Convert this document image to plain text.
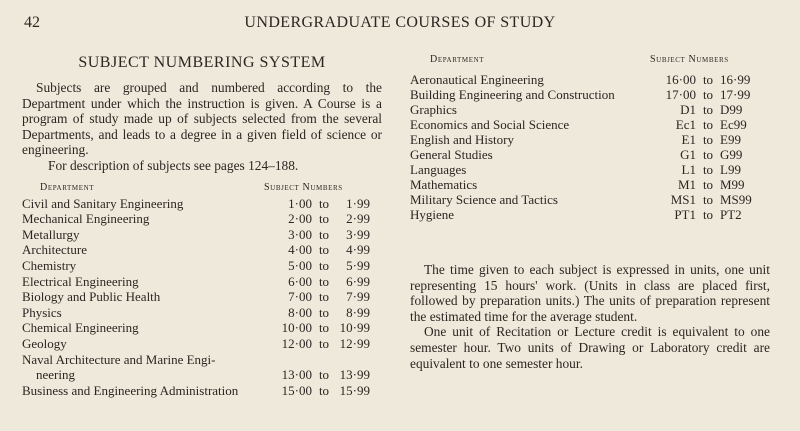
42	UNDERGRADUATE COURSES OF STUDY
SUBJECT NUMBERING SYSTEM

Subjects are grouped and numbered according to the Department under which the instruction is given. A Course is a program of study made up of subjects selected from the several Departments, and leads to a degree in a given field of science or engineering.

For description of subjects see pages 124–188.

Department	Subject Numbers
Civil and Sanitary Engineering	1·00 to	1·99
Mechanical Engineering	2·00 to	2·99
Metallurgy	3·00 to	3·99
Architecture	4·00 to	4·99
Chemistry	5·00 to	5·99
Electrical Engineering	6·00 to	6·99
Biology and Public Health	7·00 to	7·99
Physics	8·00 to	8·99
Chemical Engineering	10·00 to 10·99
Geology	12·00 to 12·99
Naval Architecture and Marine Engi-
neering	13·00 to 13·99
Business and Engineering Administration	15·00 to 15·99
Department	Subject Numbers
Aeronautical Engineering	16·00 to 16·99
Building Engineering and Construction	17·00 to 17·99
Graphics	D1 to D99
Economics and Social Science	Ec1 to Ec99
English and History	E1 to E99
General Studies	G1 to G99
Languages	L1 to L99
Mathematics	M1 to M99
Military Science and Tactics	MS1 to MS99
Hygiene	PT1 to PT2

The time given to each subject is expressed in units, one unit representing 15 hours' work. (Units in class are placed first, followed by preparation units.) The units of preparation represent the estimated time for the average student.

One unit of Recitation or Lecture credit is equivalent to one semester hour. Two units of Drawing or Laboratory credit are equivalent to one semester hour.
